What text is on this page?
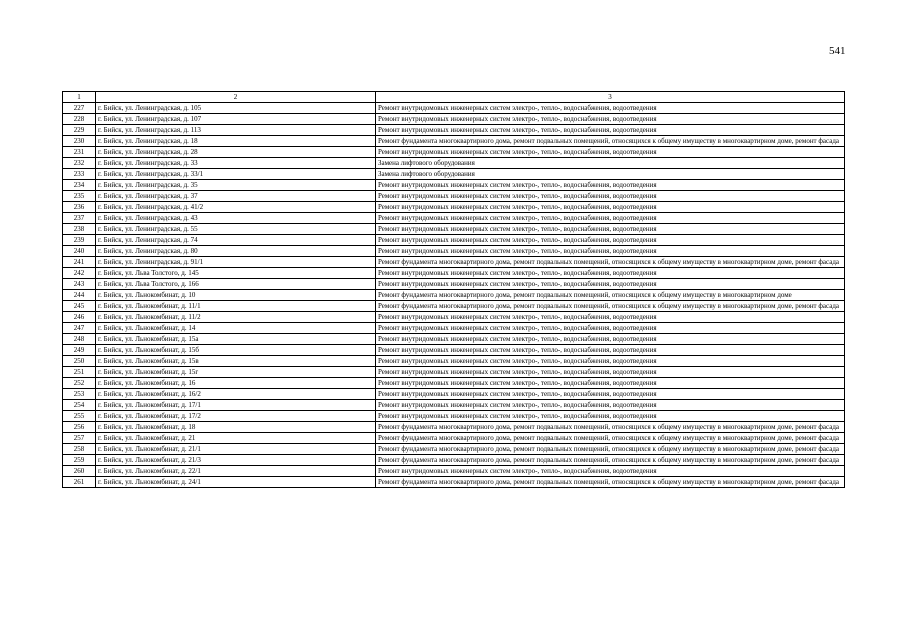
541
1	2	3
227	г. Бийск, ул. Ленинградская, д. 105	Ремонт внутридомовых инженерных систем электро-, тепло-, водоснабжения, водоотведения
228	г. Бийск, ул. Ленинградская, д. 107	Ремонт внутридомовых инженерных систем электро-, тепло-, водоснабжения, водоотведения
229	г. Бийск, ул. Ленинградская, д. 113	Ремонт внутридомовых инженерных систем электро-, тепло-, водоснабжения, водоотведения
230	г. Бийск, ул. Ленинградская, д. 18	Ремонт фундамента многоквартирного дома, ремонт подвальных помещений, относящихся к общему имуществу в многоквартирном доме, ремонт фасада
231	г. Бийск, ул. Ленинградская, д. 28	Ремонт внутридомовых инженерных систем электро-, тепло-, водоснабжения, водоотведения
232	г. Бийск, ул. Ленинградская, д. 33	Замена лифтового оборудования
233	г. Бийск, ул. Ленинградская, д. 33/1	Замена лифтового оборудования
234	г. Бийск, ул. Ленинградская, д. 35	Ремонт внутридомовых инженерных систем электро-, тепло-, водоснабжения, водоотведения
235	г. Бийск, ул. Ленинградская, д. 37	Ремонт внутридомовых инженерных систем электро-, тепло-, водоснабжения, водоотведения
236	г. Бийск, ул. Ленинградская, д. 41/2	Ремонт внутридомовых инженерных систем электро-, тепло-, водоснабжения, водоотведения
237	г. Бийск, ул. Ленинградская, д. 43	Ремонт внутридомовых инженерных систем электро-, тепло-, водоснабжения, водоотведения
238	г. Бийск, ул. Ленинградская, д. 55	Ремонт внутридомовых инженерных систем электро-, тепло-, водоснабжения, водоотведения
239	г. Бийск, ул. Ленинградская, д. 74	Ремонт внутридомовых инженерных систем электро-, тепло-, водоснабжения, водоотведения
240	г. Бийск, ул. Ленинградская, д. 80	Ремонт внутридомовых инженерных систем электро-, тепло-, водоснабжения, водоотведения
241	г. Бийск, ул. Ленинградская, д. 91/1	Ремонт фундамента многоквартирного дома, ремонт подвальных помещений, относящихся к общему имуществу в многоквартирном доме, ремонт фасада
242	г. Бийск, ул. Льва Толстого, д. 145	Ремонт внутридомовых инженерных систем электро-, тепло-, водоснабжения, водоотведения
243	г. Бийск, ул. Льва Толстого, д. 166	Ремонт внутридомовых инженерных систем электро-, тепло-, водоснабжения, водоотведения
244	г. Бийск, ул. Льнокомбинат, д. 10	Ремонт фундамента многоквартирного дома, ремонт подвальных помещений, относящихся к общему имуществу в многоквартирном доме
245	г. Бийск, ул. Льнокомбинат, д. 11/1	Ремонт фундамента многоквартирного дома, ремонт подвальных помещений, относящихся к общему имуществу в многоквартирном доме, ремонт фасада
246	г. Бийск, ул. Льнокомбинат, д. 11/2	Ремонт внутридомовых инженерных систем электро-, тепло-, водоснабжения, водоотведения
247	г. Бийск, ул. Льнокомбинат, д. 14	Ремонт внутридомовых инженерных систем электро-, тепло-, водоснабжения, водоотведения
248	г. Бийск, ул. Льнокомбинат, д. 15а	Ремонт внутридомовых инженерных систем электро-, тепло-, водоснабжения, водоотведения
249	г. Бийск, ул. Льнокомбинат, д. 15б	Ремонт внутридомовых инженерных систем электро-, тепло-, водоснабжения, водоотведения
250	г. Бийск, ул. Льнокомбинат, д. 15в	Ремонт внутридомовых инженерных систем электро-, тепло-, водоснабжения, водоотведения
251	г. Бийск, ул. Льнокомбинат, д. 15г	Ремонт внутридомовых инженерных систем электро-, тепло-, водоснабжения, водоотведения
252	г. Бийск, ул. Льнокомбинат, д. 16	Ремонт внутридомовых инженерных систем электро-, тепло-, водоснабжения, водоотведения
253	г. Бийск, ул. Льнокомбинат, д. 16/2	Ремонт внутридомовых инженерных систем электро-, тепло-, водоснабжения, водоотведения
254	г. Бийск, ул. Льнокомбинат, д. 17/1	Ремонт внутридомовых инженерных систем электро-, тепло-, водоснабжения, водоотведения
255	г. Бийск, ул. Льнокомбинат, д. 17/2	Ремонт внутридомовых инженерных систем электро-, тепло-, водоснабжения, водоотведения
256	г. Бийск, ул. Льнокомбинат, д. 18	Ремонт фундамента многоквартирного дома, ремонт подвальных помещений, относящихся к общему имуществу в многоквартирном доме, ремонт фасада
257	г. Бийск, ул. Льнокомбинат, д. 21	Ремонт фундамента многоквартирного дома, ремонт подвальных помещений, относящихся к общему имуществу в многоквартирном доме, ремонт фасада
258	г. Бийск, ул. Льнокомбинат, д. 21/1	Ремонт фундамента многоквартирного дома, ремонт подвальных помещений, относящихся к общему имуществу в многоквартирном доме, ремонт фасада
259	г. Бийск, ул. Льнокомбинат, д. 21/3	Ремонт фундамента многоквартирного дома, ремонт подвальных помещений, относящихся к общему имуществу в многоквартирном доме, ремонт фасада
260	г. Бийск, ул. Льнокомбинат, д. 22/1	Ремонт внутридомовых инженерных систем электро-, тепло-, водоснабжения, водоотведения
261	г. Бийск, ул. Льнокомбинат, д. 24/1	Ремонт фундамента многоквартирного дома, ремонт подвальных помещений, относящихся к общему имуществу в многоквартирном доме, ремонт фасада
